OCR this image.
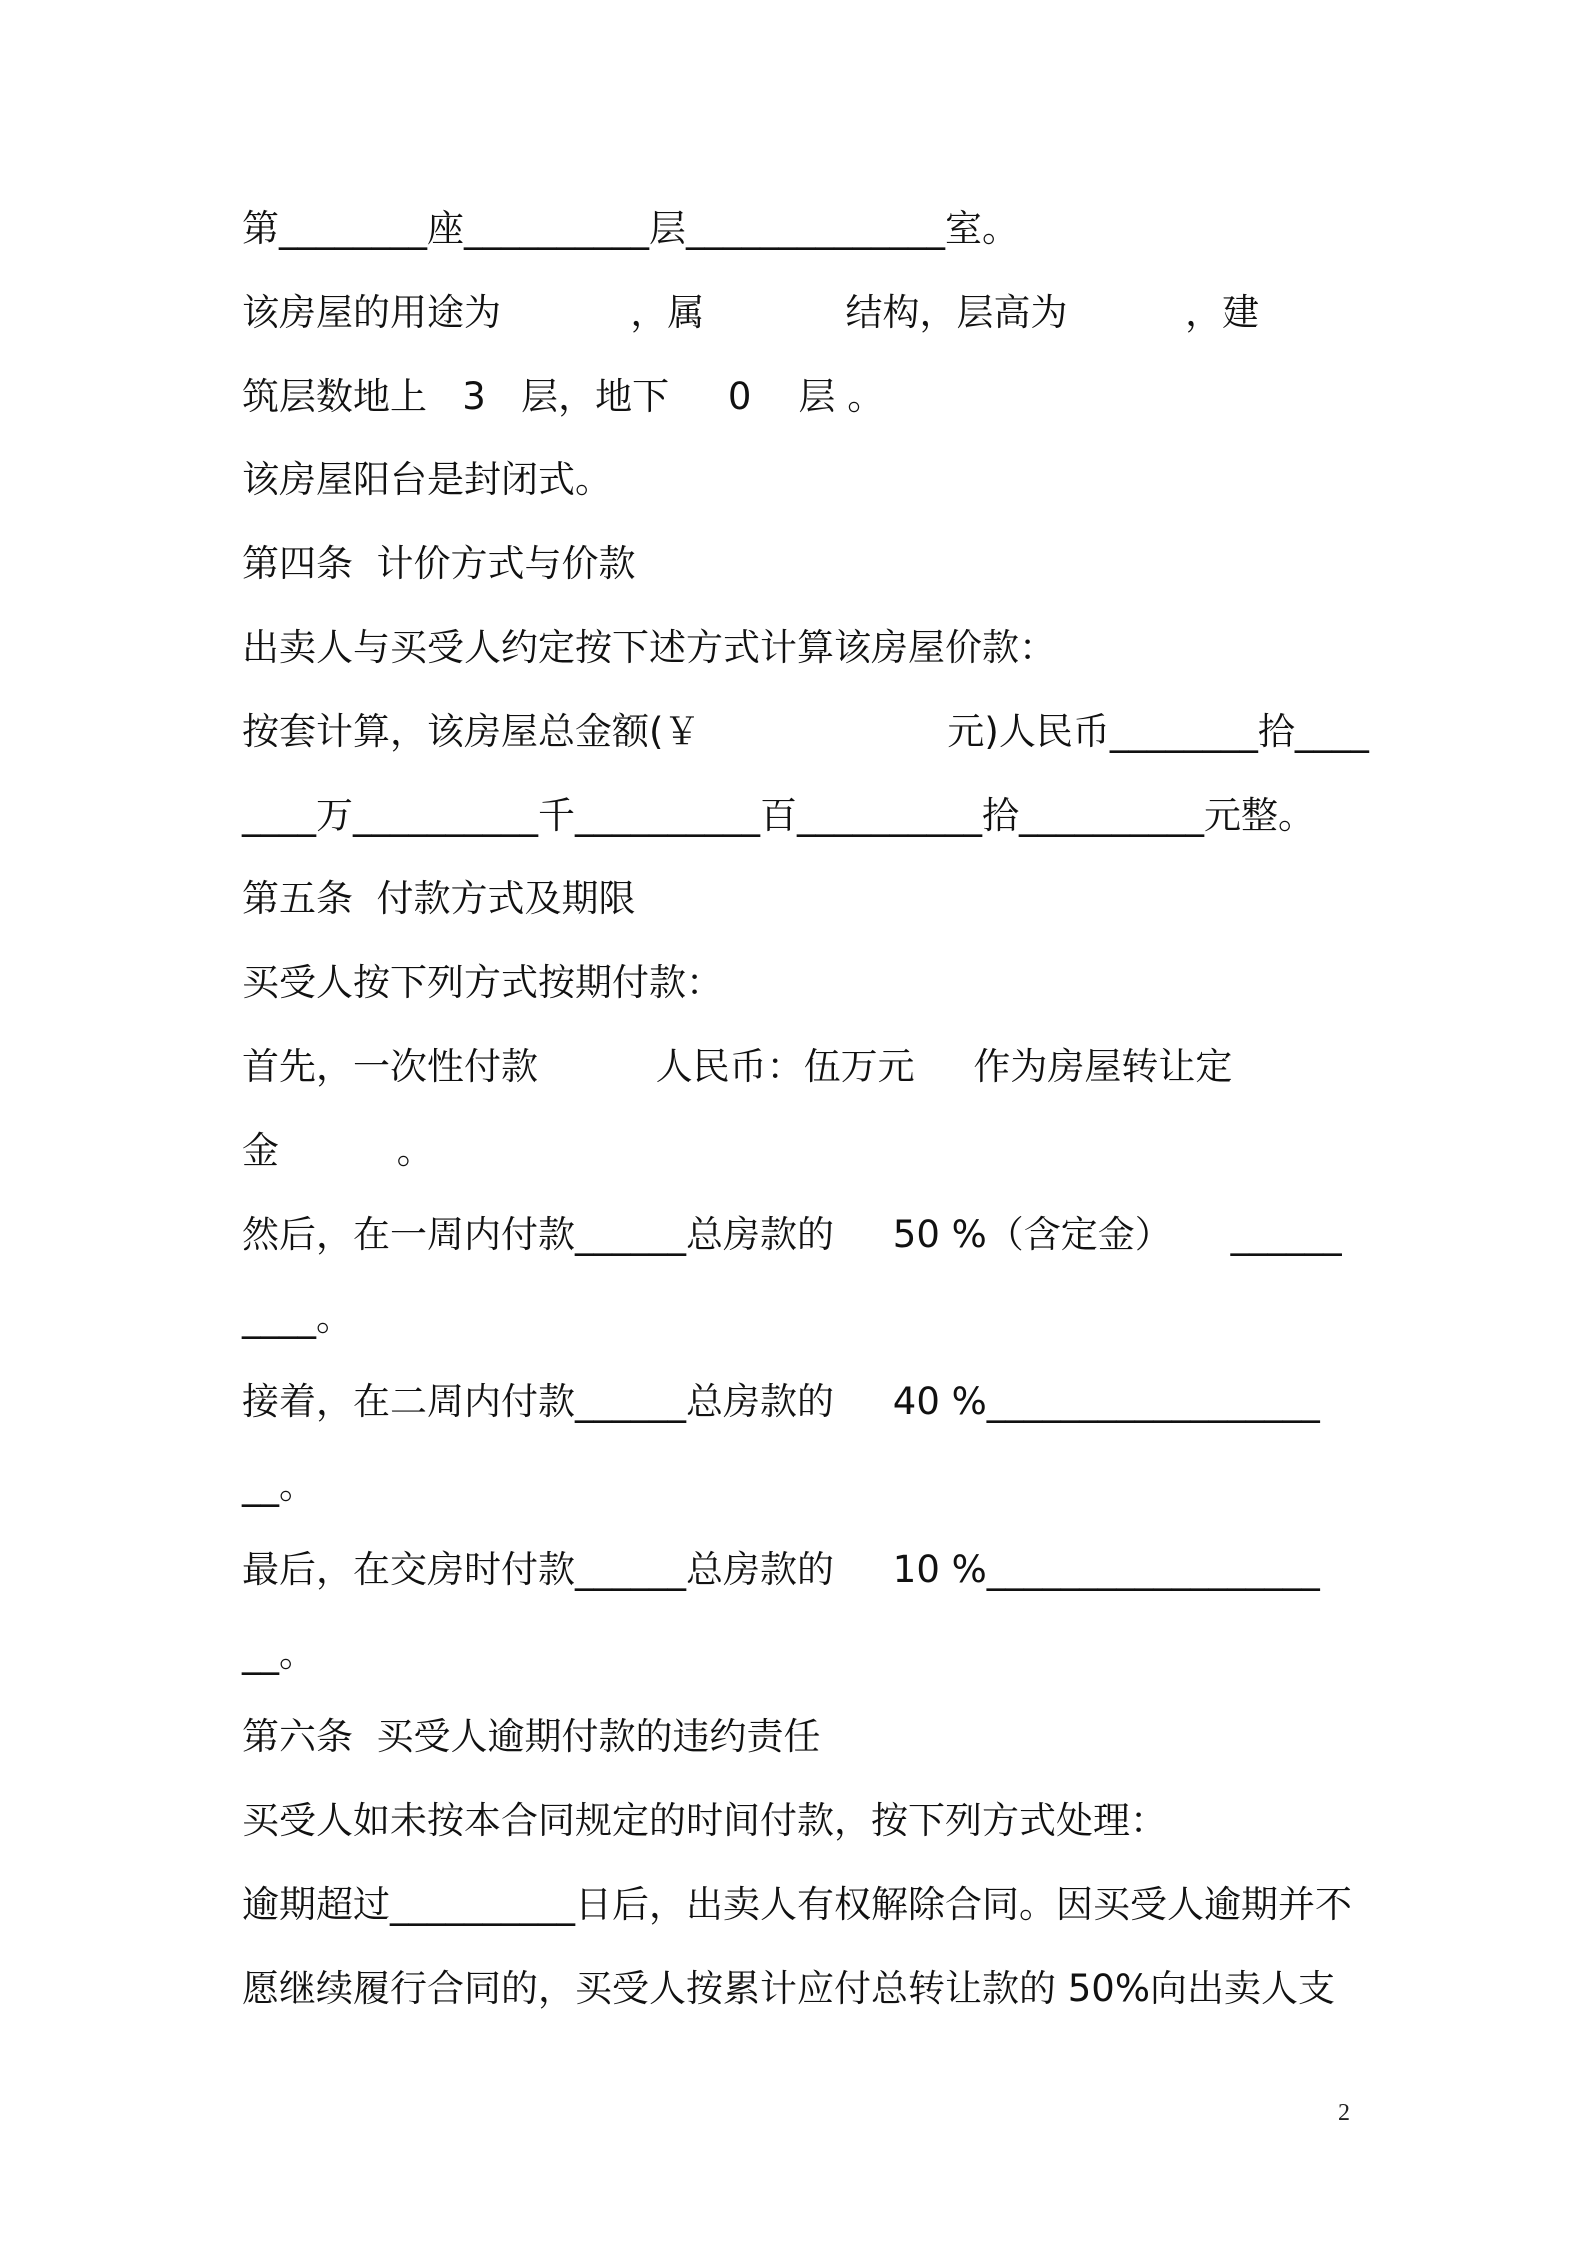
第________座__________层______________室。
该房屋的用途为           ，属            结构，层高为          ，建
筑层数地上   3   层，地下     0    层 。
该房屋阳台是封闭式。
第四条  计价方式与价款
出卖人与买受人约定按下述方式计算该房屋价款：
按套计算，该房屋总金额(￥                     元)人民币________拾____
____万__________千__________百__________拾__________元整。
第五条  付款方式及期限
买受人按下列方式按期付款：
首先，一次性付款          人民币：伍万元     作为房屋转让定
金          。
然后，在一周内付款______总房款的     50 %（含定金）     ______
____。
接着，在二周内付款______总房款的     40 %__________________
__。
最后，在交房时付款______总房款的     10 %__________________
__。
第六条  买受人逾期付款的违约责任
买受人如未按本合同规定的时间付款，按下列方式处理：
逾期超过__________日后，出卖人有权解除合同。因买受人逾期并不
愿继续履行合同的，买受人按累计应付总转让款的 50%向出卖人支
2
